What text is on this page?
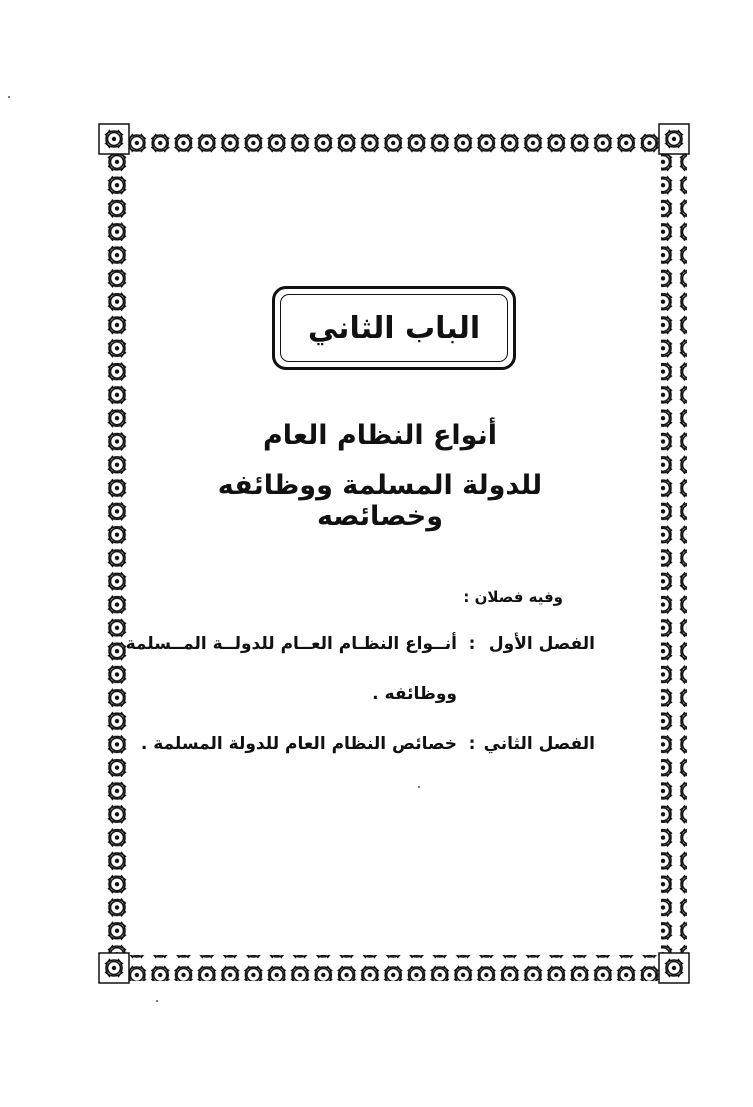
الباب الثاني
أنواع النظام العام
للدولة المسلمة ووظائفه وخصائصه
وفيه فصلان :
الفصل الأول
:
أنــواع النظـام العــام للدولــة المــسلمة
ووظائفه .
الفصل الثاني
:
خصائص النظام العام للدولة المسلمة .
